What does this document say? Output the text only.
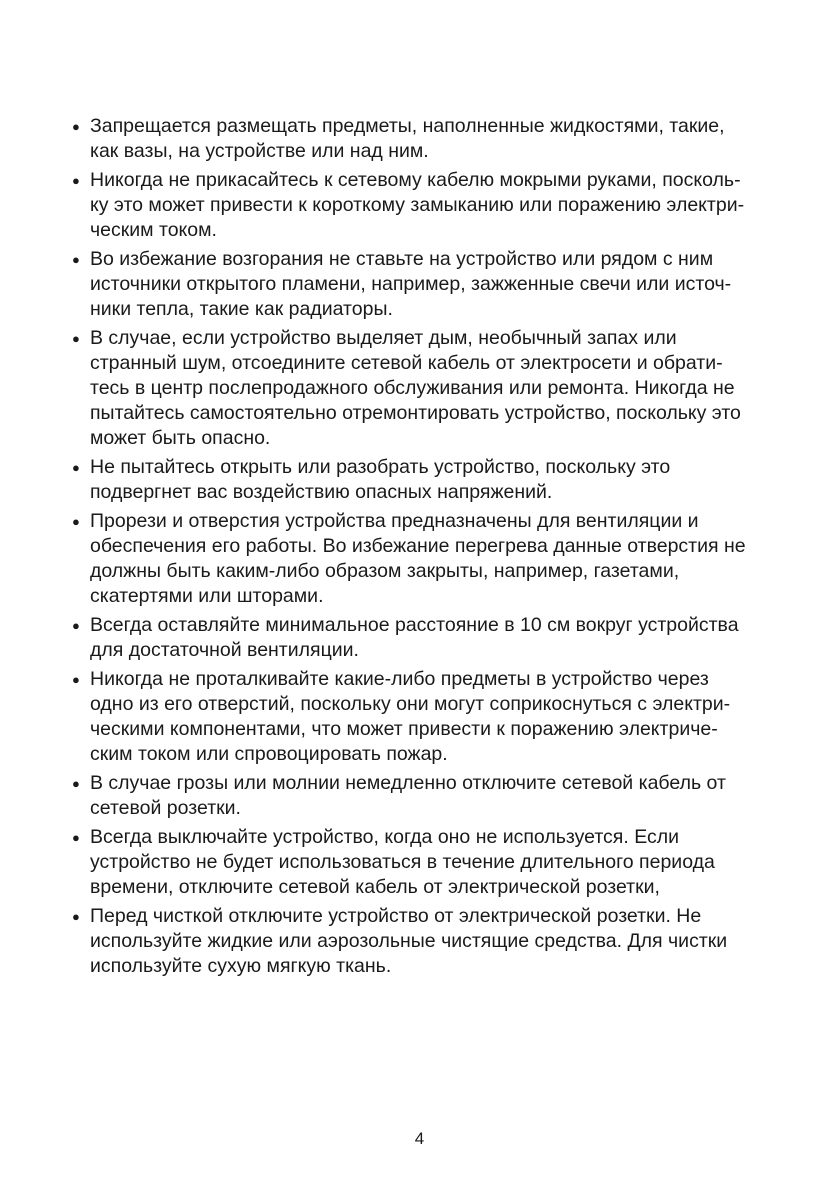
● Запрещается размещать предметы, наполненные жидкостями, такие,
как вазы, на устройстве или над ним.
● Никогда не прикасайтесь к сетевому кабелю мокрыми руками, посколь-
ку это может привести к короткому замыканию или поражению электри-
ческим током.
● Во избежание возгорания не ставьте на устройство или рядом с ним
источники открытого пламени, например, зажженные свечи или источ-
ники тепла, такие как радиаторы.
● В случае, если устройство выделяет дым, необычный запах или
странный шум, отсоедините сетевой кабель от электросети и обрати-
тесь в центр послепродажного обслуживания или ремонта. Никогда не
пытайтесь самостоятельно отремонтировать устройство, поскольку это
может быть опасно.
● Не пытайтесь открыть или разобрать устройство, поскольку это
подвергнет вас воздействию опасных напряжений.
● Прорези и отверстия устройства предназначены для вентиляции и
обеспечения его работы. Во избежание перегрева данные отверстия не
должны быть каким-либо образом закрыты, например, газетами,
скатертями или шторами.
● Всегда оставляйте минимальное расстояние в 10 см вокруг устройства
для достаточной вентиляции.
● Никогда не проталкивайте какие-либо предметы в устройство через
одно из его отверстий, поскольку они могут соприкоснуться с электри-
ческими компонентами, что может привести к поражению электриче-
ским током или спровоцировать пожар.
● В случае грозы или молнии немедленно отключите сетевой кабель от
сетевой розетки.
● Всегда выключайте устройство, когда оно не используется. Если
устройство не будет использоваться в течение длительного периода
времени, отключите сетевой кабель от электрической розетки,
● Перед чисткой отключите устройство от электрической розетки. Не
используйте жидкие или аэрозольные чистящие средства. Для чистки
используйте сухую мягкую ткань.
4
